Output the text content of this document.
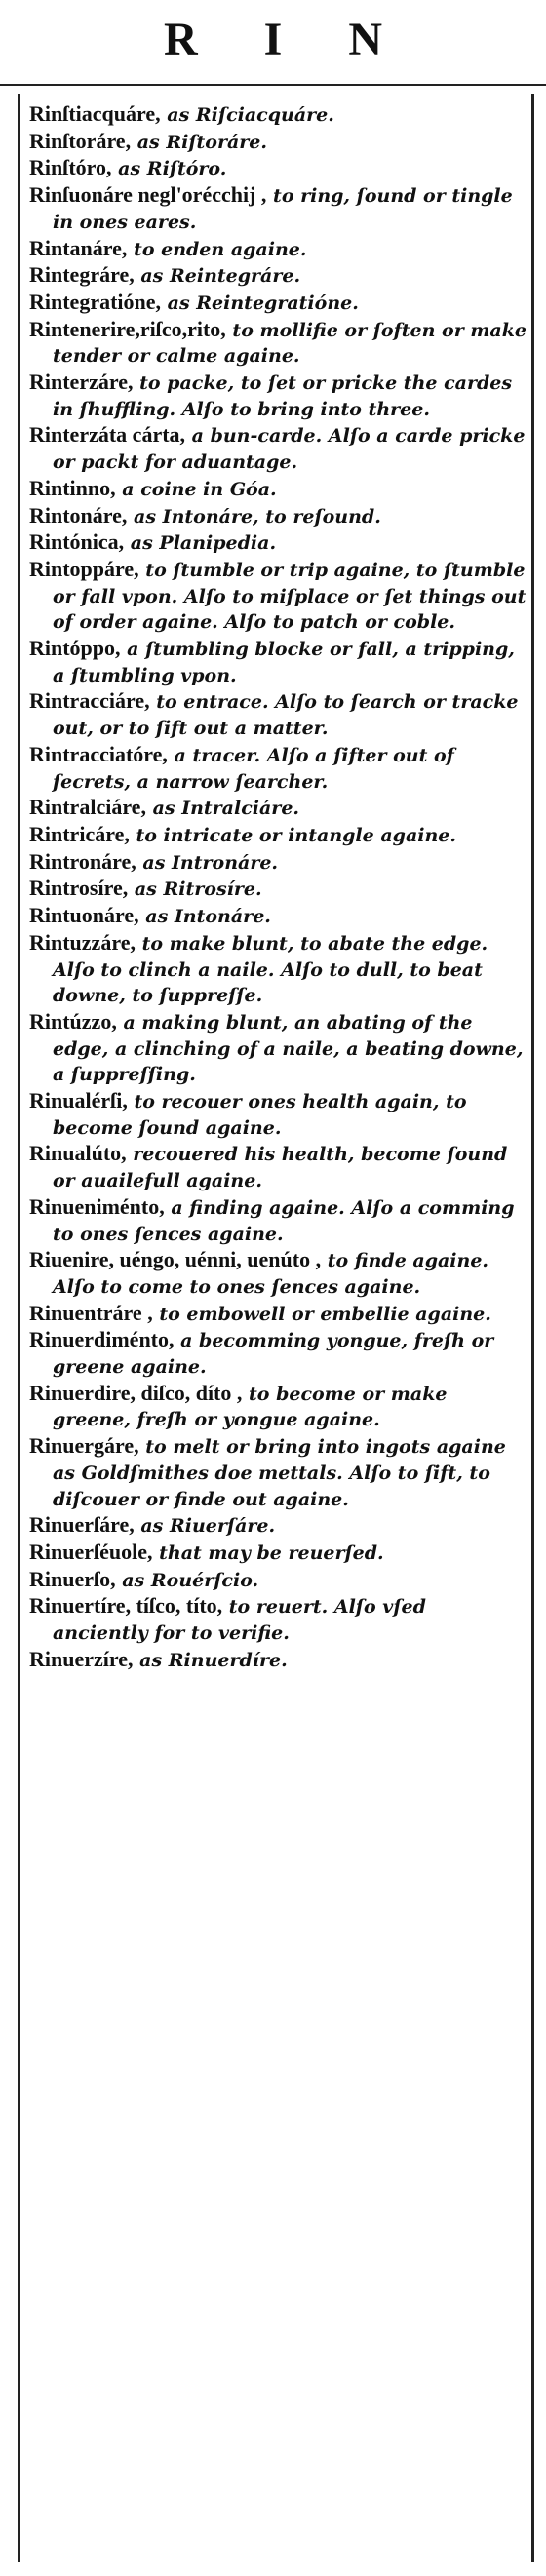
R I N

Rinſtiacquáre, as Riſciacquáre.

Rinſtoráre, as Riſtoráre.

Rinſtóro, as Riſtóro.

Rinſuonáre negl'orécchij , to ring, ſound or tingle in ones eares.

Rintanáre, to enden againe.

Rintegráre, as Reintegráre.

Rintegratióne, as Reintegratióne.

Rintenerire,riſco,rito, to mollifie or ſoften or make tender or calme againe.

Rinterzáre, to packe, to ſet or pricke the cardes in ſhuffling. Alſo to bring into three.

Rinterzáta cárta, a bun-carde. Alſo a carde pricke or packt for aduantage.

Rintinno, a coine in Góa.

Rintonáre, as Intonáre, to reſound.

Rintónica, as Planipedia.

Rintoppáre, to ſtumble or trip againe, to ſtumble or fall vpon. Alſo to miſplace or ſet things out of order againe. Alſo to patch or coble.

Rintóppo, a ſtumbling blocke or fall, a tripping, a ſtumbling vpon.

Rintracciáre, to entrace. Alſo to ſearch or tracke out, or to ſift out a matter.

Rintracciatóre, a tracer. Alſo a ſifter out of ſecrets, a narrow ſearcher.

Rintralciáre, as Intralciáre.

Rintricáre, to intricate or intangle againe.

Rintronáre, as Intronáre.

Rintrosíre, as Ritrosíre.

Rintuonáre, as Intonáre.

Rintuzzáre, to make blunt, to abate the edge. Alſo to clinch a naile. Alſo to dull, to beat downe, to ſuppreſſe.

Rintúzzo, a making blunt, an abating of the edge, a clinching of a naile, a beating downe, a ſuppreſſing.

Rinualérſi, to recouer ones health again, to become ſound againe.

Rinualúto, recouered his health, become ſound or auailefull againe.

Rinueniménto, a finding againe. Alſo a comming to ones ſences againe.

Riuenire, uéngo, uénni, uenúto , to finde againe. Alſo to come to ones ſences againe.

Rinuentráre , to embowell or embellie againe.

Rinuerdiménto, a becomming yongue, freſh or greene againe.

Rinuerdire, diſco, díto , to become or make greene, freſh or yongue againe.

Rinuergáre, to melt or bring into ingots againe as Goldſmithes doe mettals. Alſo to ſift, to diſcouer or finde out againe.

Rinuerſáre, as Riuerſáre.

Rinuerſéuole, that may be reuerſed.

Rinuerſo, as Rouérſcio.

Rinuertíre, tíſco, títo, to reuert. Alſo vſed anciently for to verifie.

Rinuerzíre, as Rinuerdíre.
